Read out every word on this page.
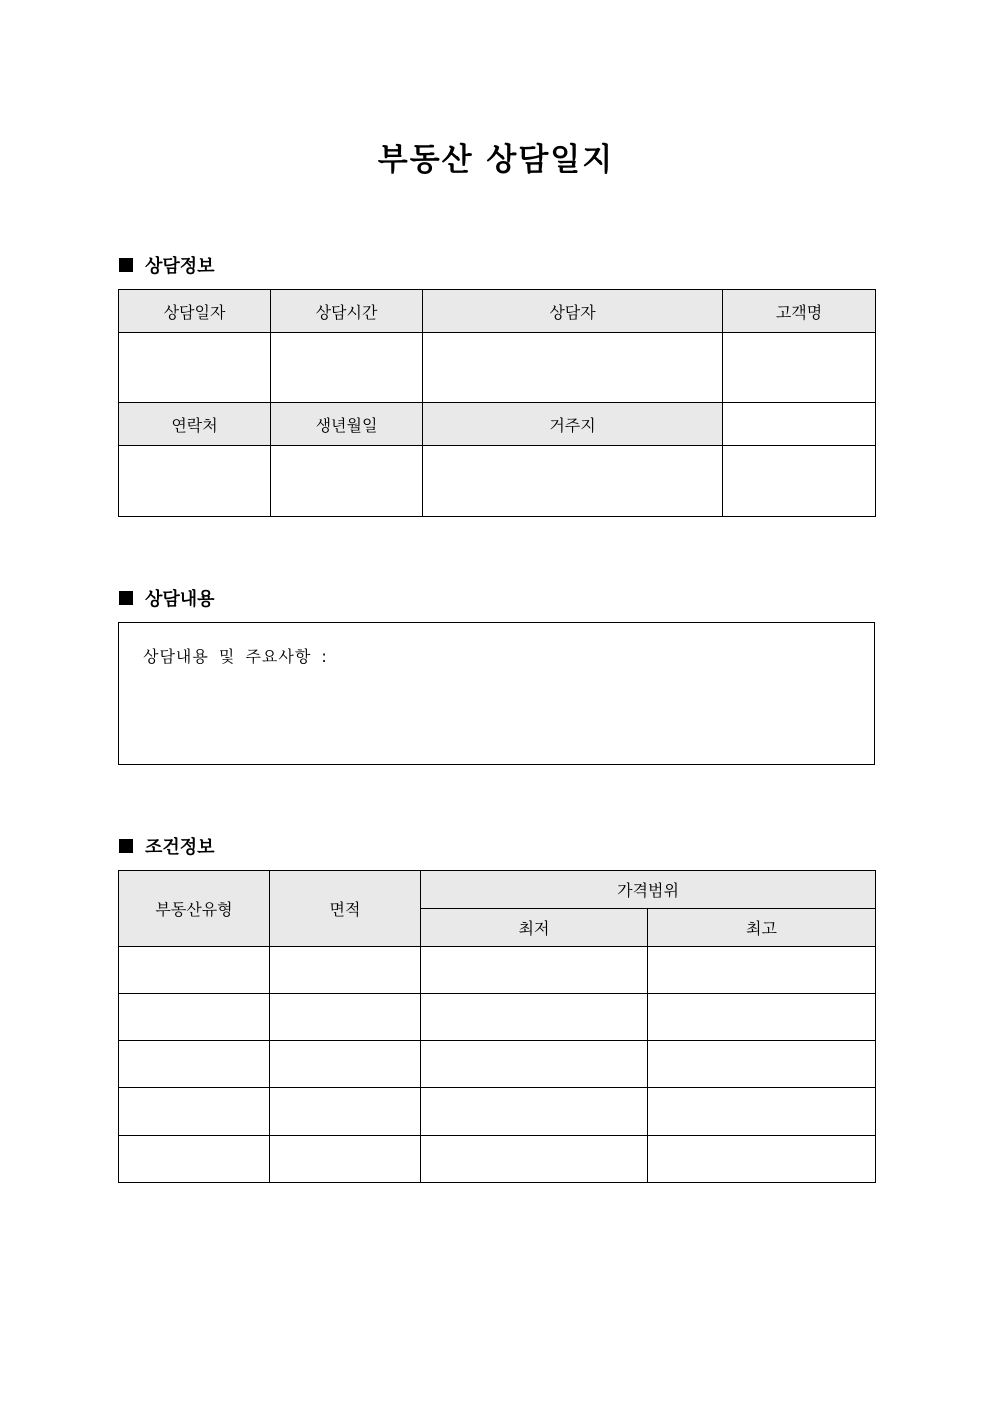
부동산 상담일지
상담정보
상담일자	상담시간	상담자	고객명

연락처	생년월일	거주지	

상담내용
상담내용 및 주요사항 :
조건정보
부동산유형	면적	가격범위	
		최저	최고
